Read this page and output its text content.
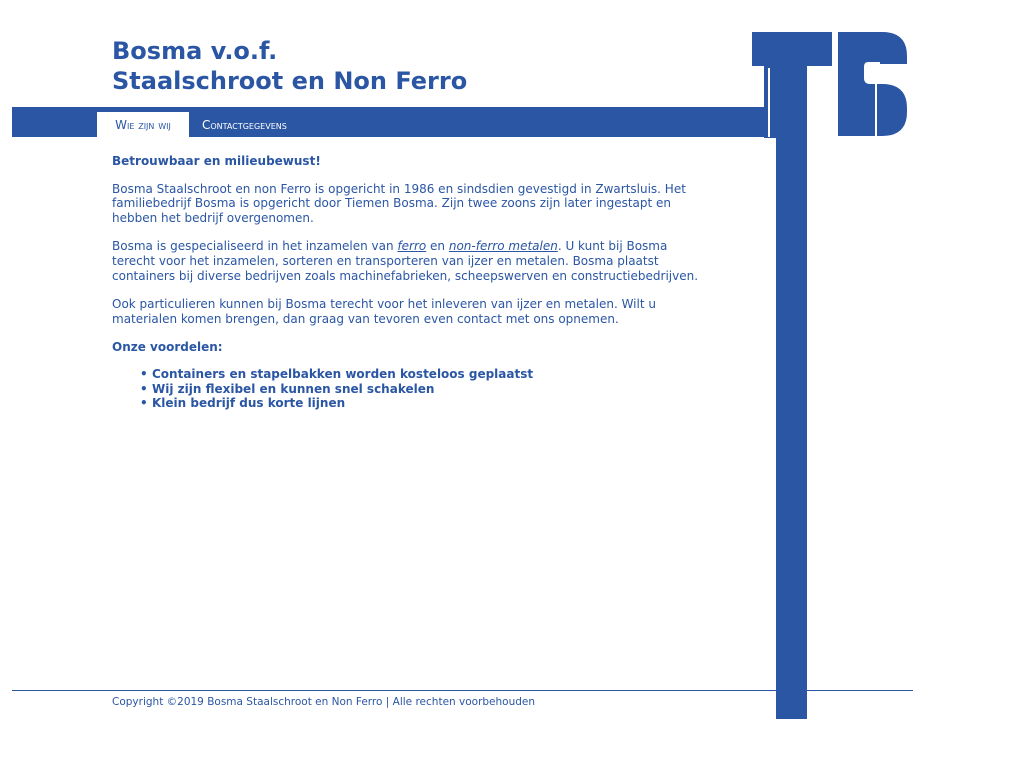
Bosma v.o.f.
Staalschroot en Non Ferro
Wie zijn wij	Contactgegevens

Betrouwbaar en milieubewust!

Bosma Staalschroot en non Ferro is opgericht in 1986 en sindsdien gevestigd in Zwartsluis. Het familiebedrijf Bosma is opgericht door Tiemen Bosma. Zijn twee zoons zijn later ingestapt en hebben het bedrijf overgenomen.

Bosma is gespecialiseerd in het inzamelen van ferro en non-ferro metalen. U kunt bij Bosma terecht voor het inzamelen, sorteren en transporteren van ijzer en metalen. Bosma plaatst containers bij diverse bedrijven zoals machinefabrieken, scheepswerven en constructiebedrijven.

Ook particulieren kunnen bij Bosma terecht voor het inleveren van ijzer en metalen. Wilt u materialen komen brengen, dan graag van tevoren even contact met ons opnemen.

Onze voordelen:

• Containers en stapelbakken worden kosteloos geplaatst
• Wij zijn flexibel en kunnen snel schakelen
• Klein bedrijf dus korte lijnen
Copyright ©2019 Bosma Staalschroot en Non Ferro | Alle rechten voorbehouden
